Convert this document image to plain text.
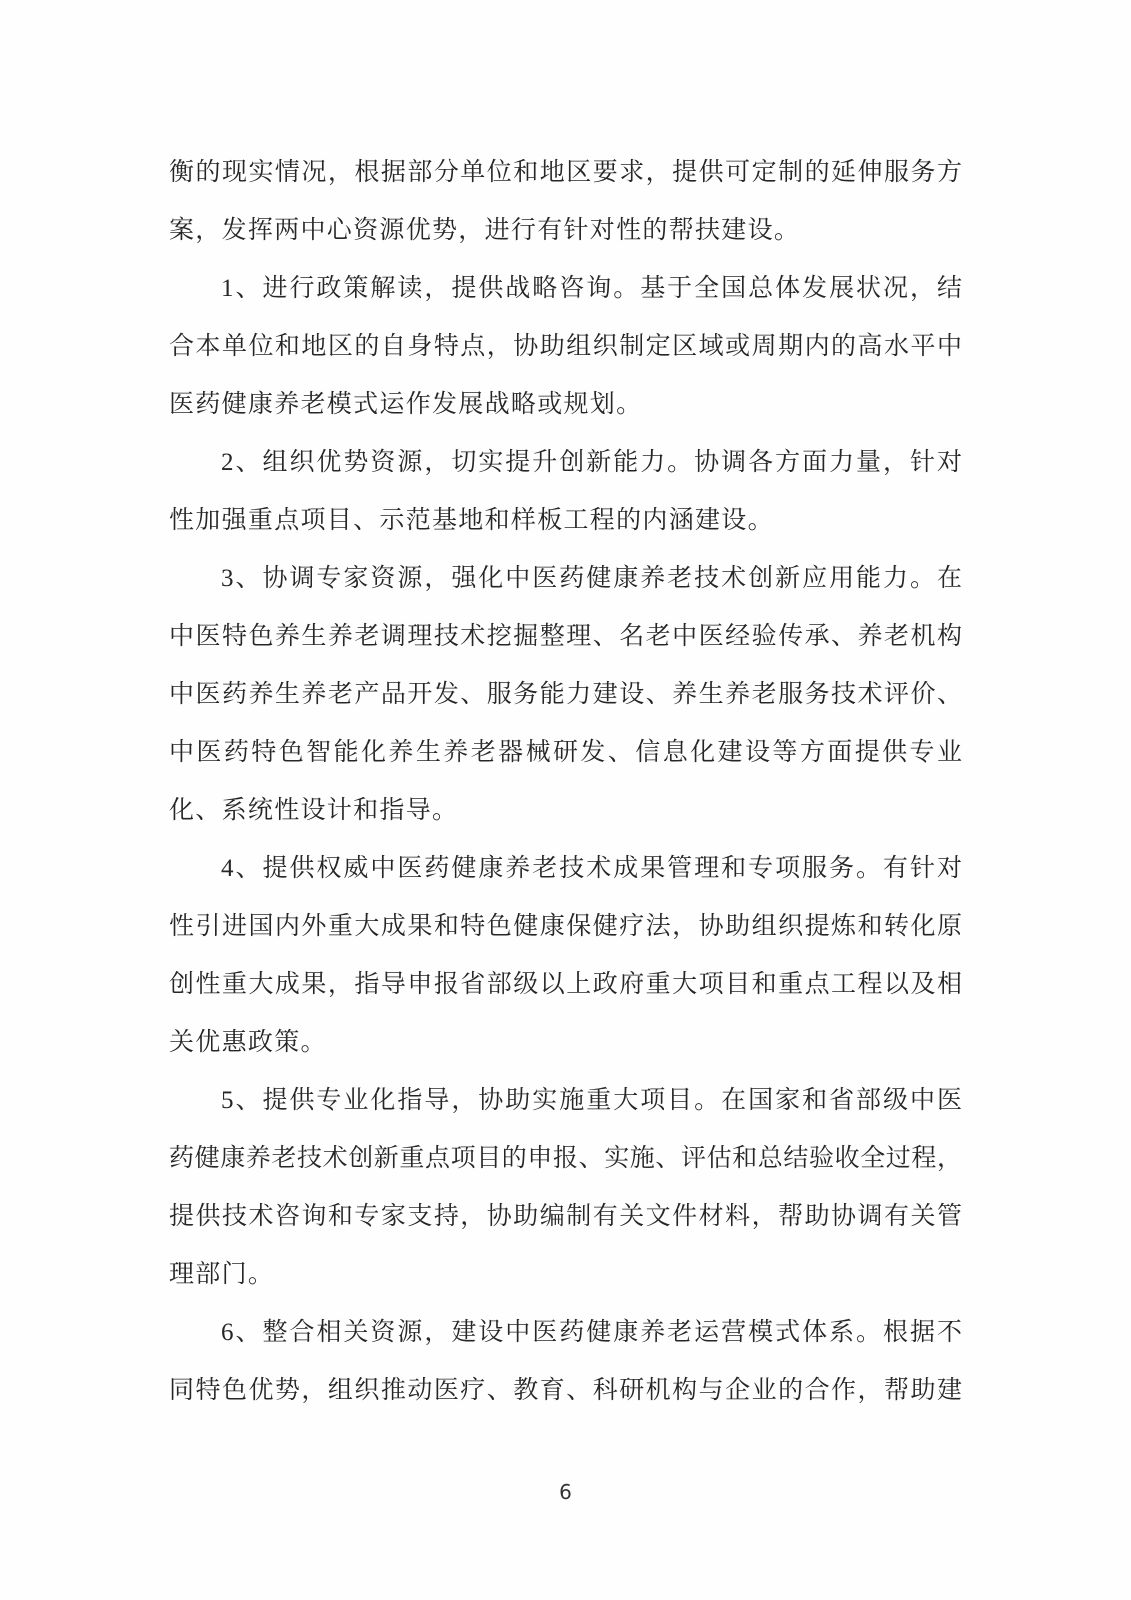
衡的现实情况，根据部分单位和地区要求，提供可定制的延伸服务方
案，发挥两中心资源优势，进行有针对性的帮扶建设。
1、进行政策解读，提供战略咨询。基于全国总体发展状况，结
合本单位和地区的自身特点，协助组织制定区域或周期内的高水平中
医药健康养老模式运作发展战略或规划。
2、组织优势资源，切实提升创新能力。协调各方面力量，针对
性加强重点项目、示范基地和样板工程的内涵建设。
3、协调专家资源，强化中医药健康养老技术创新应用能力。在
中医特色养生养老调理技术挖掘整理、名老中医经验传承、养老机构
中医药养生养老产品开发、服务能力建设、养生养老服务技术评价、
中医药特色智能化养生养老器械研发、信息化建设等方面提供专业
化、系统性设计和指导。
4、提供权威中医药健康养老技术成果管理和专项服务。有针对
性引进国内外重大成果和特色健康保健疗法，协助组织提炼和转化原
创性重大成果，指导申报省部级以上政府重大项目和重点工程以及相
关优惠政策。
5、提供专业化指导，协助实施重大项目。在国家和省部级中医
药健康养老技术创新重点项目的申报、实施、评估和总结验收全过程，
提供技术咨询和专家支持，协助编制有关文件材料，帮助协调有关管
理部门。
6、整合相关资源，建设中医药健康养老运营模式体系。根据不
同特色优势，组织推动医疗、教育、科研机构与企业的合作，帮助建
6
